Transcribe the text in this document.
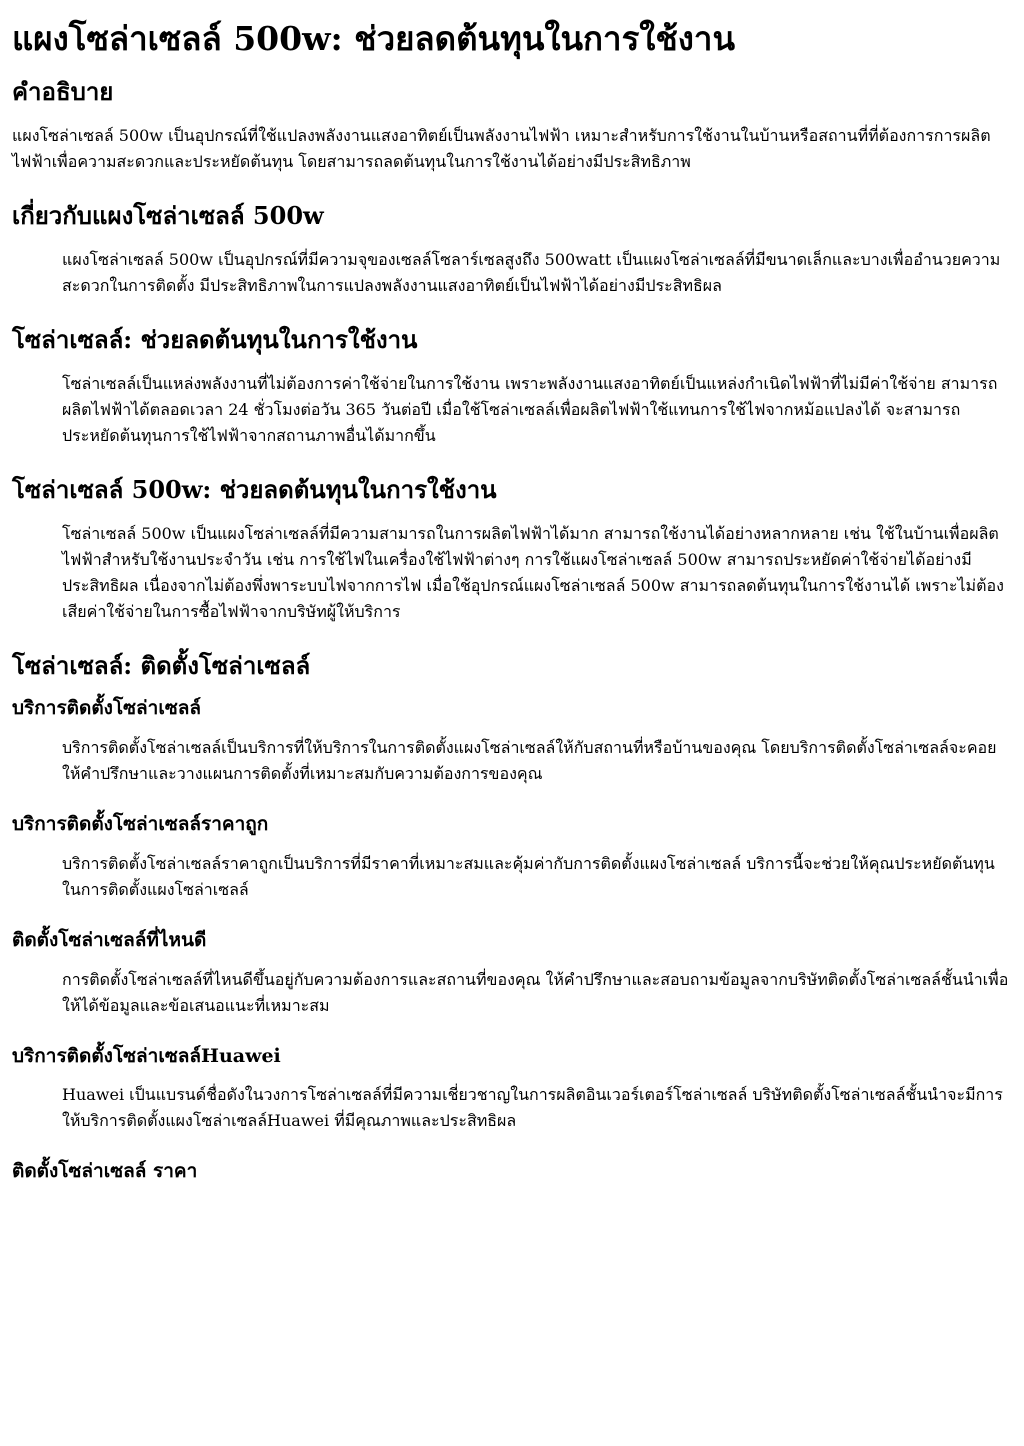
แผงโซล่าเซลล์ 500w: ช่วยลดต้นทุนในการใช้งาน
คำอธิบาย

แผงโซล่าเซลล์ 500w เป็นอุปกรณ์ที่ใช้แปลงพลังงานแสงอาทิตย์เป็นพลังงานไฟฟ้า เหมาะสำหรับการใช้งานในบ้านหรือสถานที่ที่ต้องการการผลิตไฟฟ้าเพื่อความสะดวกและประหยัดต้นทุน โดยสามารถลดต้นทุนในการใช้งานได้อย่างมีประสิทธิภาพ

เกี่ยวกับแผงโซล่าเซลล์ 500w
แผงโซล่าเซลล์ 500w เป็นอุปกรณ์ที่มีความจุของเซลล์โซลาร์เซลสูงถึง 500watt เป็นแผงโซล่าเซลล์ที่มีขนาดเล็กและบางเพื่ออำนวยความสะดวกในการติดตั้ง มีประสิทธิภาพในการแปลงพลังงานแสงอาทิตย์เป็นไฟฟ้าได้อย่างมีประสิทธิผล
โซล่าเซลล์: ช่วยลดต้นทุนในการใช้งาน
โซล่าเซลล์เป็นแหล่งพลังงานที่ไม่ต้องการค่าใช้จ่ายในการใช้งาน เพราะพลังงานแสงอาทิตย์เป็นแหล่งกำเนิดไฟฟ้าที่ไม่มีค่าใช้จ่าย สามารถผลิตไฟฟ้าได้ตลอดเวลา 24 ชั่วโมงต่อวัน 365 วันต่อปี เมื่อใช้โซล่าเซลล์เพื่อผลิตไฟฟ้าใช้แทนการใช้ไฟจากหม้อแปลงได้ จะสามารถประหยัดต้นทุนการใช้ไฟฟ้าจากสถานภาพอื่นได้มากขึ้น
โซล่าเซลล์ 500w: ช่วยลดต้นทุนในการใช้งาน
โซล่าเซลล์ 500w เป็นแผงโซล่าเซลล์ที่มีความสามารถในการผลิตไฟฟ้าได้มาก สามารถใช้งานได้อย่างหลากหลาย เช่น ใช้ในบ้านเพื่อผลิตไฟฟ้าสำหรับใช้งานประจำวัน เช่น การใช้ไฟในเครื่องใช้ไฟฟ้าต่างๆ การใช้แผงโซล่าเซลล์ 500w สามารถประหยัดค่าใช้จ่ายได้อย่างมีประสิทธิผล เนื่องจากไม่ต้องพึ่งพาระบบไฟจากการไฟ เมื่อใช้อุปกรณ์แผงโซล่าเซลล์ 500w สามารถลดต้นทุนในการใช้งานได้ เพราะไม่ต้องเสียค่าใช้จ่ายในการซื้อไฟฟ้าจากบริษัทผู้ให้บริการ
โซล่าเซลล์: ติดตั้งโซล่าเซลล์
บริการติดตั้งโซล่าเซลล์
บริการติดตั้งโซล่าเซลล์เป็นบริการที่ให้บริการในการติดตั้งแผงโซล่าเซลล์ให้กับสถานที่หรือบ้านของคุณ โดยบริการติดตั้งโซล่าเซลล์จะคอยให้คำปรึกษาและวางแผนการติดตั้งที่เหมาะสมกับความต้องการของคุณ
บริการติดตั้งโซล่าเซลล์ราคาถูก
บริการติดตั้งโซล่าเซลล์ราคาถูกเป็นบริการที่มีราคาที่เหมาะสมและคุ้มค่ากับการติดตั้งแผงโซล่าเซลล์ บริการนี้จะช่วยให้คุณประหยัดต้นทุนในการติดตั้งแผงโซล่าเซลล์
ติดตั้งโซล่าเซลล์ที่ไหนดี
การติดตั้งโซล่าเซลล์ที่ไหนดีขึ้นอยู่กับความต้องการและสถานที่ของคุณ ให้คำปรึกษาและสอบถามข้อมูลจากบริษัทติดตั้งโซล่าเซลล์ชั้นนำเพื่อให้ได้ข้อมูลและข้อเสนอแนะที่เหมาะสม
บริการติดตั้งโซล่าเซลล์Huawei
Huawei เป็นแบรนด์ชื่อดังในวงการโซล่าเซลล์ที่มีความเชี่ยวชาญในการผลิตอินเวอร์เตอร์โซล่าเซลล์ บริษัทติดตั้งโซล่าเซลล์ชั้นนำจะมีการให้บริการติดตั้งแผงโซล่าเซลล์Huawei ที่มีคุณภาพและประสิทธิผล
ติดตั้งโซล่าเซลล์ ราคา
